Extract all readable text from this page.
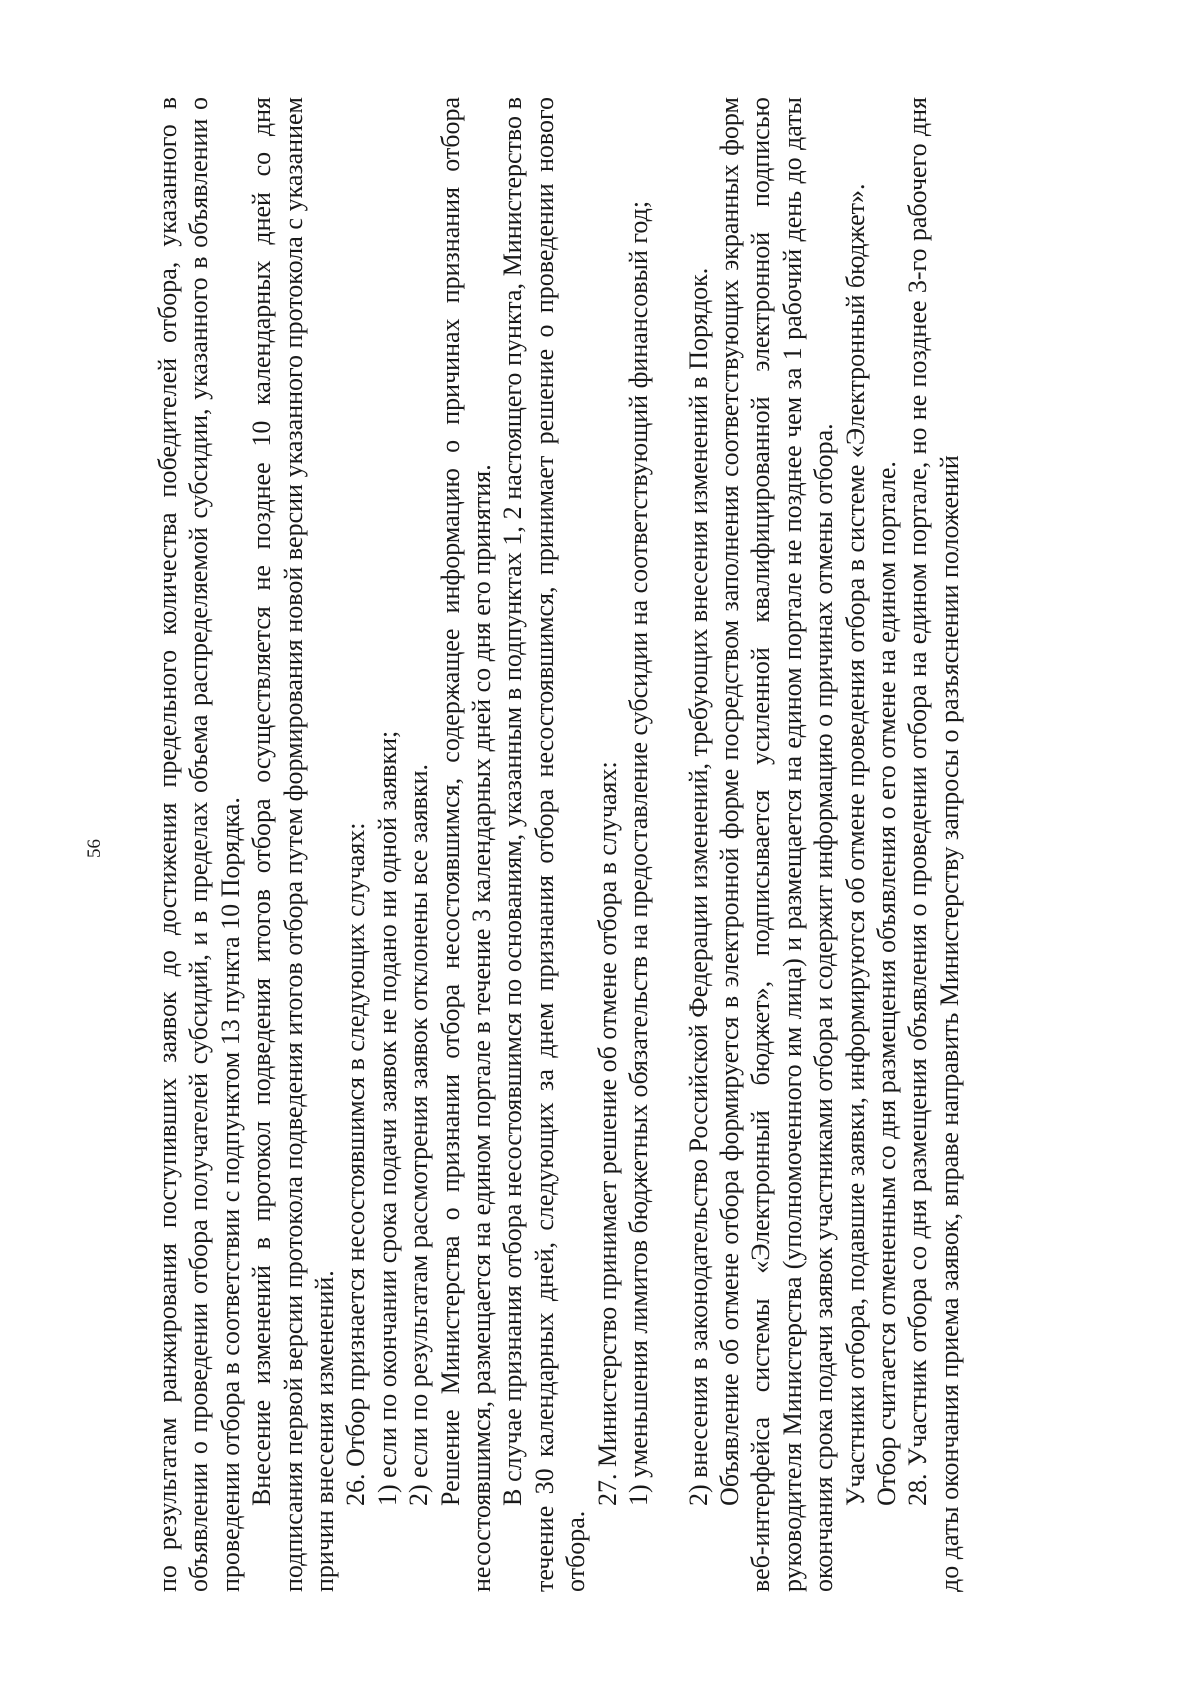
56 по результатам ранжирования поступивших заявок до достижения предельного количества победителей отбора, указанного в объявлении о проведении отбора получателей субсидий, и в пределах объема распределяемой субсидии, указанного в объявлении о проведении отбора в соответствии с подпунктом 13 пункта 10 Порядка. Внесение изменений в протокол подведения итогов отбора осуществляется не позднее 10 календарных дней со дня подписания первой версии протокола подведения итогов отбора путем формирования новой версии указанного протокола с указанием причин внесения изменений. 26. Отбор признается несостоявшимся в следующих случаях: 1) если по окончании срока подачи заявок не подано ни одной заявки; 2) если по результатам рассмотрения заявок отклонены все заявки. Решение Министерства о признании отбора несостоявшимся, содержащее информацию о причинах признания отбора несостоявшимся, размещается на едином портале в течение 3 календарных дней со дня его принятия. В случае признания отбора несостоявшимся по основаниям, указанным в подпунктах 1, 2 настоящего пункта, Министерство в течение 30 календарных дней, следующих за днем признания отбора несостоявшимся, принимает решение о проведении нового отбора.

27. Министерство принимает решение об отмене отбора в случаях: 1) уменьшения лимитов бюджетных обязательств на предоставление субсидии на соответствующий финансовый год; 2) внесения в законодательство Российской Федерации изменений, требующих внесения изменений в Порядок. Объявление об отмене отбора формируется в электронной форме посредством заполнения соответствующих экранных форм веб-интерфейса системы «Электронный бюджет», подписывается усиленной квалифицированной электронной подписью руководителя Министерства (уполномоченного им лица) и размещается на едином портале не позднее чем за 1 рабочий день до даты окончания срока подачи заявок участниками отбора и содержит информацию о причинах отмены отбора. Участники отбора, подавшие заявки, информируются об отмене проведения отбора в системе «Электронный бюджет». Отбор считается отмененным со дня размещения объявления о его отмене на едином портале. 28. Участник отбора со дня размещения объявления о проведении отбора на едином портале, но не позднее 3-го рабочего дня до даты окончания приема заявок, вправе направить Министерству запросы о разъяснении положений
